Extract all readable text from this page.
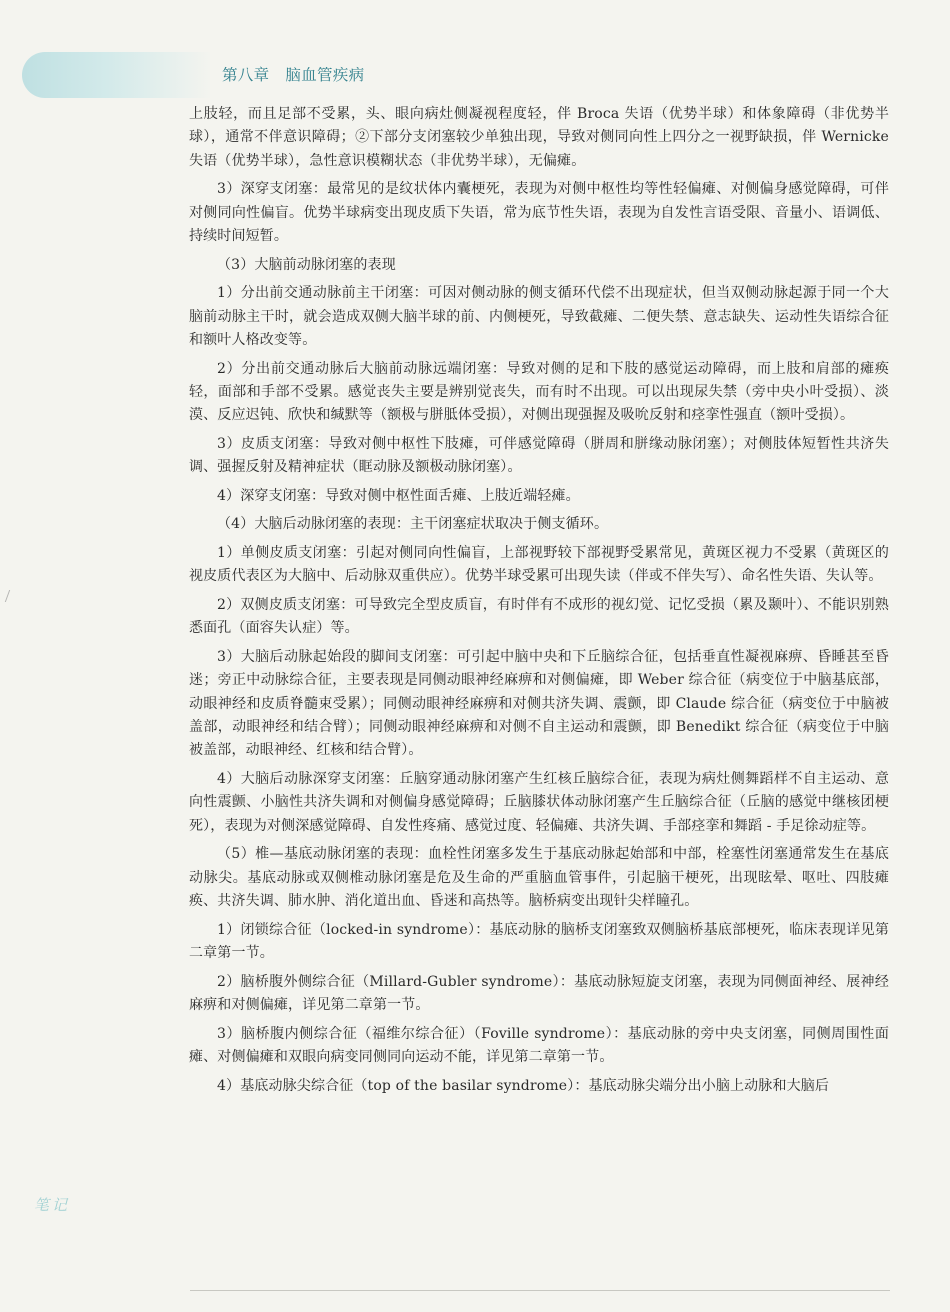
第八章 脑血管疾病

上肢轻，而且足部不受累，头、眼向病灶侧凝视程度轻，伴 Broca 失语（优势半球）和体象障碍（非优势半球），通常不伴意识障碍；②下部分支闭塞较少单独出现，导致对侧同向性上四分之一视野缺损，伴 Wernicke 失语（优势半球），急性意识模糊状态（非优势半球），无偏瘫。

3）深穿支闭塞：最常见的是纹状体内囊梗死，表现为对侧中枢性均等性轻偏瘫、对侧偏身感觉障碍，可伴对侧同向性偏盲。优势半球病变出现皮质下失语，常为底节性失语，表现为自发性言语受限、音量小、语调低、持续时间短暂。

（3）大脑前动脉闭塞的表现

1）分出前交通动脉前主干闭塞：可因对侧动脉的侧支循环代偿不出现症状，但当双侧动脉起源于同一个大脑前动脉主干时，就会造成双侧大脑半球的前、内侧梗死，导致截瘫、二便失禁、意志缺失、运动性失语综合征和额叶人格改变等。

2）分出前交通动脉后大脑前动脉远端闭塞：导致对侧的足和下肢的感觉运动障碍，而上肢和肩部的瘫痪轻，面部和手部不受累。感觉丧失主要是辨别觉丧失，而有时不出现。可以出现尿失禁（旁中央小叶受损）、淡漠、反应迟钝、欣快和缄默等（额极与胼胝体受损），对侧出现强握及吸吮反射和痉挛性强直（额叶受损）。

3）皮质支闭塞：导致对侧中枢性下肢瘫，可伴感觉障碍（胼周和胼缘动脉闭塞）；对侧肢体短暂性共济失调、强握反射及精神症状（眶动脉及额极动脉闭塞）。

4）深穿支闭塞：导致对侧中枢性面舌瘫、上肢近端轻瘫。

（4）大脑后动脉闭塞的表现：主干闭塞症状取决于侧支循环。

1）单侧皮质支闭塞：引起对侧同向性偏盲，上部视野较下部视野受累常见，黄斑区视力不受累（黄斑区的视皮质代表区为大脑中、后动脉双重供应）。优势半球受累可出现失读（伴或不伴失写）、命名性失语、失认等。

2）双侧皮质支闭塞：可导致完全型皮质盲，有时伴有不成形的视幻觉、记忆受损（累及颞叶）、不能识别熟悉面孔（面容失认症）等。

3）大脑后动脉起始段的脚间支闭塞：可引起中脑中央和下丘脑综合征，包括垂直性凝视麻痹、昏睡甚至昏迷；旁正中动脉综合征，主要表现是同侧动眼神经麻痹和对侧偏瘫，即 Weber 综合征（病变位于中脑基底部，动眼神经和皮质脊髓束受累）；同侧动眼神经麻痹和对侧共济失调、震颤，即 Claude 综合征（病变位于中脑被盖部，动眼神经和结合臂）；同侧动眼神经麻痹和对侧不自主运动和震颤，即 Benedikt 综合征（病变位于中脑被盖部，动眼神经、红核和结合臂）。

4）大脑后动脉深穿支闭塞：丘脑穿通动脉闭塞产生红核丘脑综合征，表现为病灶侧舞蹈样不自主运动、意向性震颤、小脑性共济失调和对侧偏身感觉障碍；丘脑膝状体动脉闭塞产生丘脑综合征（丘脑的感觉中继核团梗死），表现为对侧深感觉障碍、自发性疼痛、感觉过度、轻偏瘫、共济失调、手部痉挛和舞蹈 - 手足徐动症等。

（5）椎—基底动脉闭塞的表现：血栓性闭塞多发生于基底动脉起始部和中部，栓塞性闭塞通常发生在基底动脉尖。基底动脉或双侧椎动脉闭塞是危及生命的严重脑血管事件，引起脑干梗死，出现眩晕、呕吐、四肢瘫痪、共济失调、肺水肿、消化道出血、昏迷和高热等。脑桥病变出现针尖样瞳孔。

1）闭锁综合征（locked-in syndrome）：基底动脉的脑桥支闭塞致双侧脑桥基底部梗死，临床表现详见第二章第一节。

2）脑桥腹外侧综合征（Millard-Gubler syndrome）：基底动脉短旋支闭塞，表现为同侧面神经、展神经麻痹和对侧偏瘫，详见第二章第一节。

3）脑桥腹内侧综合征（福维尔综合征）（Foville syndrome）：基底动脉的旁中央支闭塞，同侧周围性面瘫、对侧偏瘫和双眼向病变同侧同向运动不能，详见第二章第一节。

4）基底动脉尖综合征（top of the basilar syndrome）：基底动脉尖端分出小脑上动脉和大脑后

笔记
